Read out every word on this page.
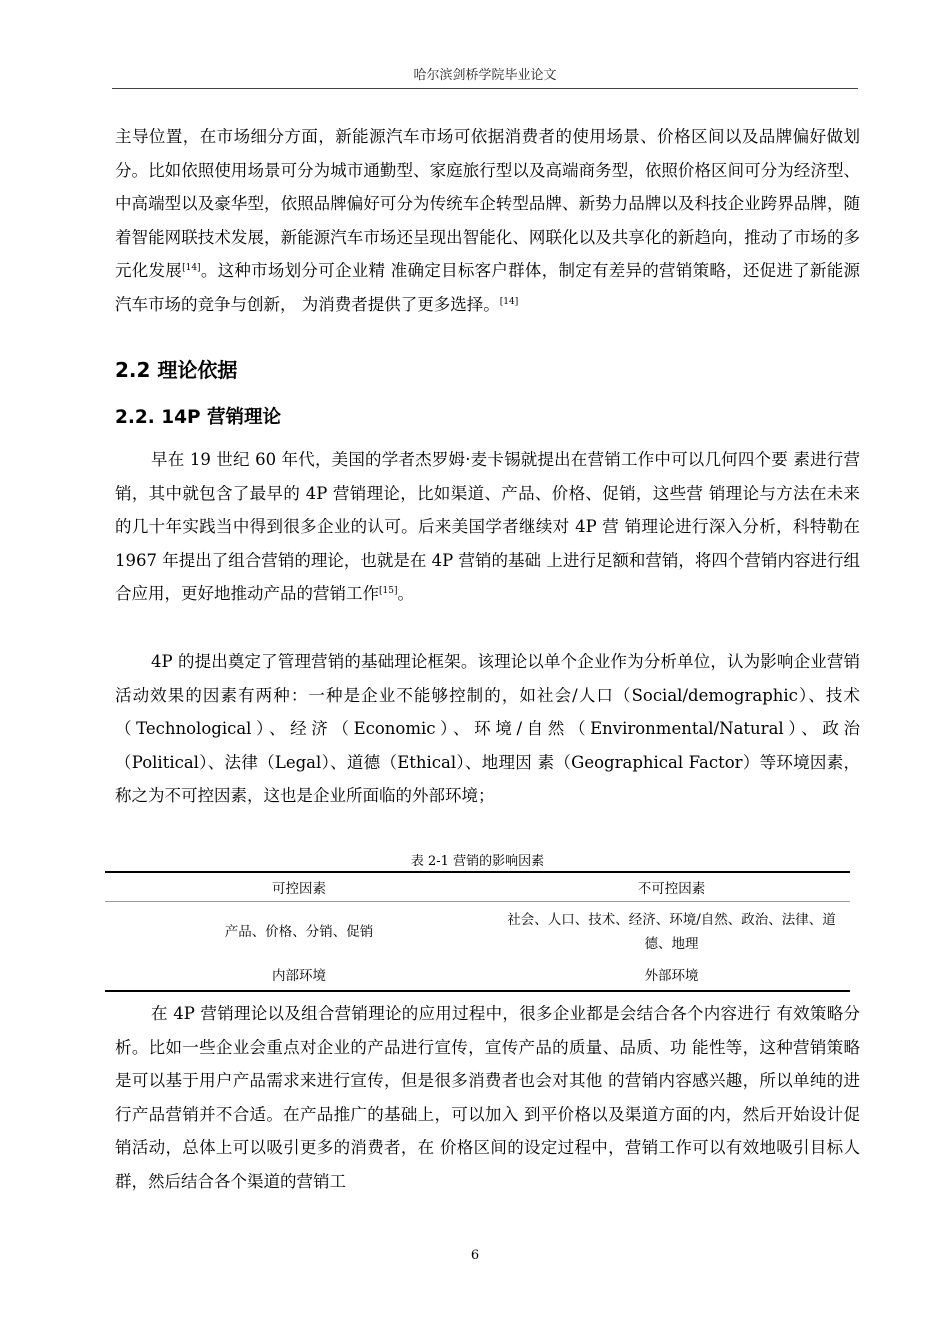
哈尔滨剑桥学院毕业论文

主导位置，在市场细分方面，新能源汽车市场可依据消费者的使用场景、价格区间以及品牌偏好做划分。比如依照使用场景可分为城市通勤型、家庭旅行型以及高端商务型，依照价格区间可分为经济型、中高端型以及豪华型，依照品牌偏好可分为传统车企转型品牌、新势力品牌以及科技企业跨界品牌，随着智能网联技术发展，新能源汽车市场还呈现出智能化、网联化以及共享化的新趋向，推动了市场的多元化发展[14]。这种市场划分可企业精 准确定目标客户群体，制定有差异的营销策略，还促进了新能源汽车市场的竞争与创新， 为消费者提供了更多选择。[14]

2.2 理论依据
2.2. 14P 营销理论

早在 19 世纪 60 年代，美国的学者杰罗姆·麦卡锡就提出在营销工作中可以几何四个要 素进行营销，其中就包含了最早的 4P 营销理论，比如渠道、产品、价格、促销，这些营 销理论与方法在未来的几十年实践当中得到很多企业的认可。后来美国学者继续对 4P 营 销理论进行深入分析，科特勒在 1967 年提出了组合营销的理论，也就是在 4P 营销的基础 上进行足额和营销，将四个营销内容进行组合应用，更好地推动产品的营销工作[15]。

4P 的提出奠定了管理营销的基础理论框架。该理论以单个企业作为分析单位，认为影响企业营销活动效果的因素有两种：一种是企业不能够控制的，如社会/人口（Social/demographic）、技术（Technological）、经济（Economic）、环境/自然（Environmental/Natural）、政治（Political）、法律（Legal）、道德（Ethical）、地理因 素（Geographical Factor）等环境因素，称之为不可控因素，这也是企业所面临的外部环境；

表 2-1 营销的影响因素
可控因素	不可控因素
产品、价格、分销、促销	社会、人口、技术、经济、环境/自然、政治、法律、道德、地理
内部环境	外部环境

在 4P 营销理论以及组合营销理论的应用过程中，很多企业都是会结合各个内容进行 有效策略分析。比如一些企业会重点对企业的产品进行宣传，宣传产品的质量、品质、功 能性等，这种营销策略是可以基于用户产品需求来进行宣传，但是很多消费者也会对其他 的营销内容感兴趣，所以单纯的进行产品营销并不合适。在产品推广的基础上，可以加入 到平价格以及渠道方面的内，然后开始设计促销活动，总体上可以吸引更多的消费者，在 价格区间的设定过程中，营销工作可以有效地吸引目标人群，然后结合各个渠道的营销工

6
